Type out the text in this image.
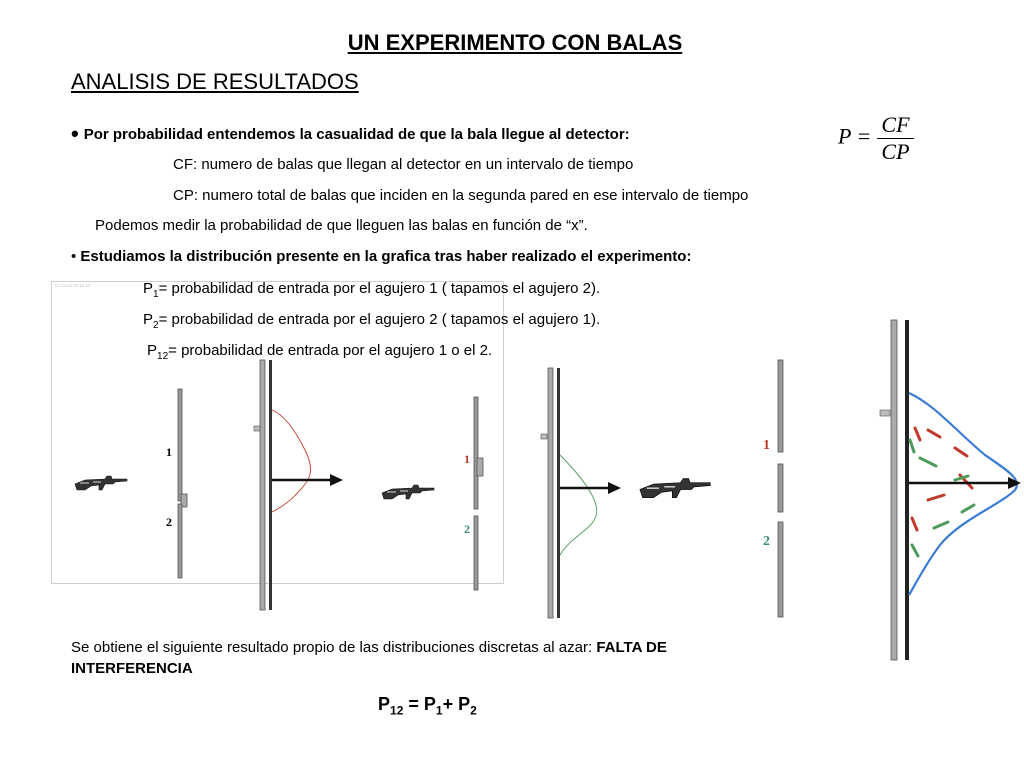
UN EXPERIMENTO CON BALAS
ANALISIS DE RESULTADOS
• Por probabilidad entendemos la casualidad de que la bala llegue al detector:	$P = \frac{CF}{CP}$
CF: numero de balas que llegan al detector en un intervalo de tiempo
CP: numero total de balas que inciden en la segunda pared en ese intervalo de tiempo
Podemos medir la probabilidad de que lleguen las balas en función de “x”.
• Estudiamos la distribución presente en la grafica tras haber realizado el experimento:
▭ ▭ ▭ ▭ ▭ ▭
1
2
1
2
1
2
$P_1=$ probabilidad de entrada por el agujero 1 ( tapamos el agujero 2).
$P_2=$ probabilidad de entrada por el agujero 2 ( tapamos el agujero 1).
$P_{12}=$ probabilidad de entrada por el agujero 1 o el 2.
Se obtiene el siguiente resultado propio de las distribuciones discretas al azar: FALTA DE INTERFERENCIA
$P_{12} = P_1+ P_2$
